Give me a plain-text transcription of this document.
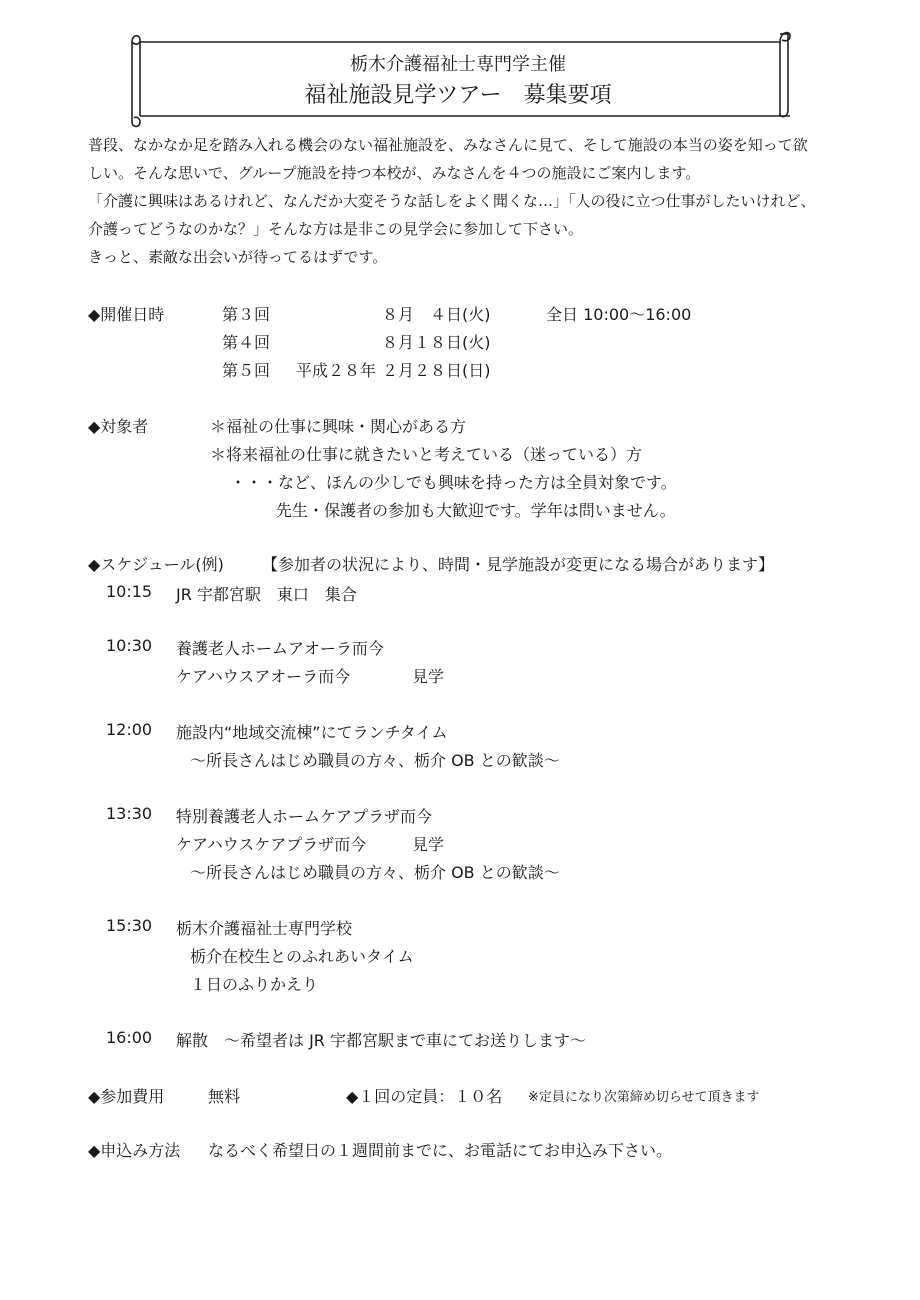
栃木介護福祉士専門学主催
福祉施設見学ツアー　募集要項
普段、なかなか足を踏み入れる機会のない福祉施設を、みなさんに見て、そして施設の本当の姿を知って欲
しい。そんな思いで、グループ施設を持つ本校が、みなさんを４つの施設にご案内します。
「介護に興味はあるけれど、なんだか大変そうな話しをよく聞くな…」「人の役に立つ仕事がしたいけれど、
介護ってどうなのかな？」そんな方は是非この見学会に参加して下さい。
きっと、素敵な出会いが待ってるはずです。
◆開催日時	第３回	８月　４日(火)	全日 10:00〜16:00
第４回	８月１８日(火)
第５回 平成２８年 ２月２８日(日)
◆対象者	＊福祉の仕事に興味・関心がある方
＊将来福祉の仕事に就きたいと考えている（迷っている）方
・・・など、ほんの少しでも興味を持った方は全員対象です。
先生・保護者の参加も大歓迎です。学年は問いません。
◆スケジュール(例) 【参加者の状況により、時間・見学施設が変更になる場合があります】
10:15 JR 宇都宮駅　東口　集合
10:30 養護老人ホームアオーラ而今
ケアハウスアオーラ而今	見学
12:00 施設内“地域交流棟”にてランチタイム
〜所長さんはじめ職員の方々、栃介 OB との歓談〜
13:30 特別養護老人ホームケアプラザ而今
ケアハウスケアプラザ而今	見学
〜所長さんはじめ職員の方々、栃介 OB との歓談〜
15:30 栃木介護福祉士専門学校
栃介在校生とのふれあいタイム
１日のふりかえり
16:00 解散　〜希望者は JR 宇都宮駅まで車にてお送りします〜
◆参加費用	無料	◆１回の定員：１０名 ※定員になり次第締め切らせて頂きます
◆申込み方法 なるべく希望日の１週間前までに、お電話にてお申込み下さい。
